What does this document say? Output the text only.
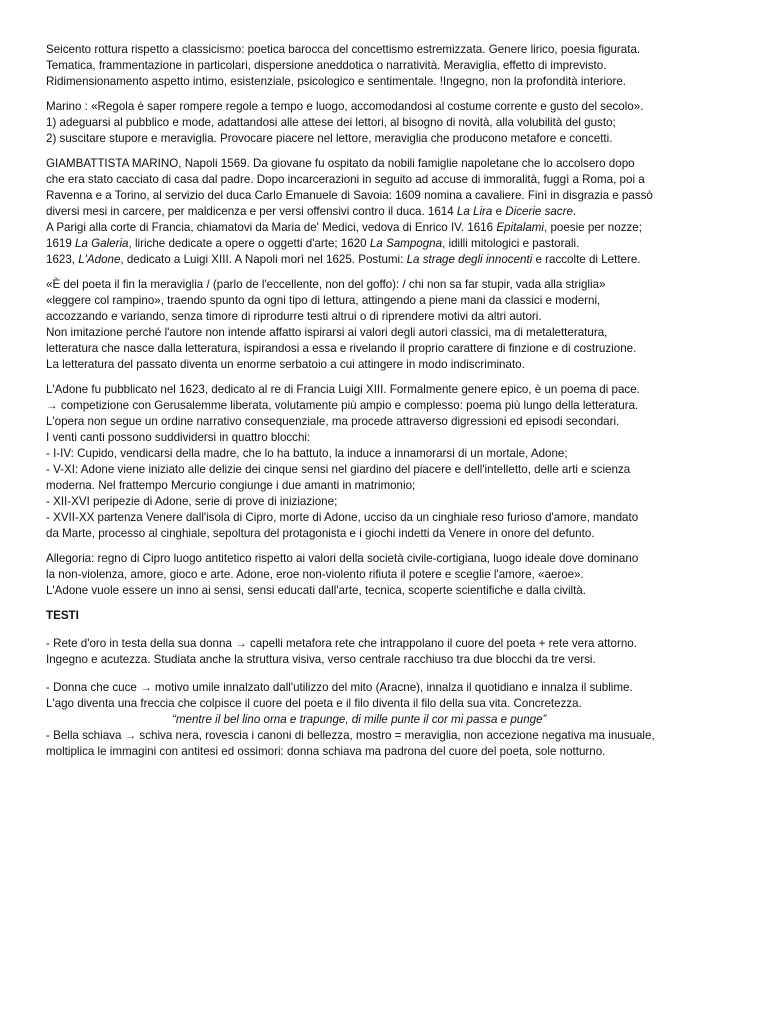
Seicento rottura rispetto a classicismo: poetica barocca del concettismo estremizzata. Genere lirico, poesia figurata.
Tematica, frammentazione in particolari, dispersione aneddotica o narratività. Meraviglia, effetto di imprevisto.
Ridimensionamento aspetto intimo, esistenziale, psicologico e sentimentale. !Ingegno, non la profondità interiore.

Marino : «Regola è saper rompere regole a tempo e luogo, accomodandosi al costume corrente e gusto del secolo».
1) adeguarsi al pubblico e mode, adattandosi alle attese dei lettori, al bisogno di novità, alla volubilità del gusto;
2) suscitare stupore e meraviglia. Provocare piacere nel lettore, meraviglia che producono metafore e concetti.

GIAMBATTISTA MARINO, Napoli 1569. Da giovane fu ospitato da nobili famiglie napoletane che lo accolsero dopo
che era stato cacciato di casa dal padre. Dopo incarcerazioni in seguito ad accuse di immoralità, fuggì a Roma, poi a
Ravenna e a Torino, al servizio del duca Carlo Emanuele di Savoia: 1609 nomina a cavaliere. Finì in disgrazia e passò
diversi mesi in carcere, per maldicenza e per versi offensivi contro il duca. 1614 La Lira e Dicerie sacre.
A Parigi alla corte di Francia, chiamatovi da Maria de' Medici, vedova di Enrico IV. 1616 Epitalami, poesie per nozze;
1619 La Galeria, liriche dedicate a opere o oggetti d'arte; 1620 La Sampogna, idilli mitologici e pastorali.
1623, L'Adone, dedicato a Luigi XIII. A Napoli morì nel 1625. Postumi: La strage degli innocenti e raccolte di Lettere.

«È del poeta il fin la meraviglia / (parlo de l'eccellente, non del goffo): / chi non sa far stupir, vada alla striglia»
«leggere col rampino», traendo spunto da ogni tipo di lettura, attingendo a piene mani da classici e moderni,
accozzando e variando, senza timore di riprodurre testi altrui o di riprendere motivi da altri autori.
Non imitazione perché l'autore non intende affatto ispirarsi ai valori degli autori classici, ma di metaletteratura,
letteratura che nasce dalla letteratura, ispirandosi a essa e rivelando il proprio carattere di finzione e di costruzione.
La letteratura del passato diventa un enorme serbatoio a cui attingere in modo indiscriminato.

L'Adone fu pubblicato nel 1623, dedicato al re di Francia Luigi XIII. Formalmente genere epico, è un poema di pace.
→ competizione con Gerusalemme liberata, volutamente più ampio e complesso: poema più lungo della letteratura.
L'opera non segue un ordine narrativo consequenziale, ma procede attraverso digressioni ed episodi secondari.
I venti canti possono suddividersi in quattro blocchi:
- I-IV: Cupido, vendicarsi della madre, che lo ha battuto, la induce a innamorarsi di un mortale, Adone;
- V-XI: Adone viene iniziato alle delizie dei cinque sensi nel giardino del piacere e dell'intelletto, delle arti e scienza
moderna. Nel frattempo Mercurio congiunge i due amanti in matrimonio;
- XII-XVI peripezie di Adone, serie di prove di iniziazione;
- XVII-XX partenza Venere dall'isola di Cipro, morte di Adone, ucciso da un cinghiale reso furioso d'amore, mandato
da Marte, processo al cinghiale, sepoltura del protagonista e i giochi indetti da Venere in onore del defunto.

Allegoria: regno di Cipro luogo antitetico rispetto ai valori della società civile-cortigiana, luogo ideale dove dominano
la non-violenza, amore, gioco e arte. Adone, eroe non-violento rifiuta il potere e sceglie l'amore, «aeroe».
L'Adone vuole essere un inno ai sensi, sensi educati dall'arte, tecnica, scoperte scientifiche e dalla civiltà.

TESTI

- Rete d'oro in testa della sua donna → capelli metafora rete che intrappolano il cuore del poeta + rete vera attorno.
Ingegno e acutezza. Studiata anche la struttura visiva, verso centrale racchiuso tra due blocchi da tre versi.

- Donna che cuce → motivo umile innalzato dall'utilizzo del mito (Aracne), innalza il quotidiano e innalza il sublime.
L'ago diventa una freccia che colpisce il cuore del poeta e il filo diventa il filo della sua vita. Concretezza.
“mentre il bel lino orna e trapunge, di mille punte il cor mi passa e punge”

- Bella schiava → schiva nera, rovescia i canoni di bellezza, mostro = meraviglia, non accezione negativa ma inusuale,
moltiplica le immagini con antitesi ed ossimori: donna schiava ma padrona del cuore del poeta, sole notturno.
